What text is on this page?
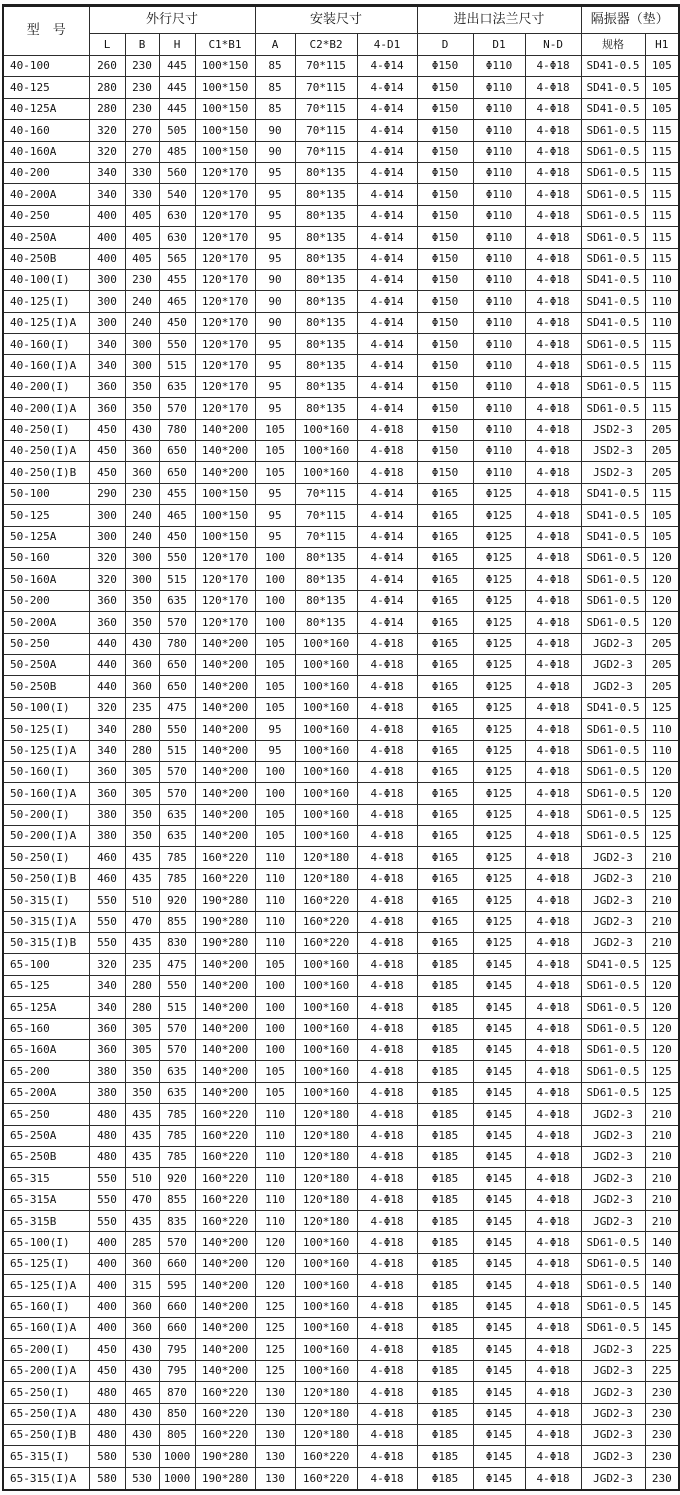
型　号	外行尺寸				安装尺寸			进出口法兰尺寸			隔振器（垫）	
	L	B	H	C1*B1	A	C2*B2	4-D1	D	D1	N-D	规格	H1
40-100	260	230	445	100*150	85	70*115	4-Φ14	Φ150	Φ110	4-Φ18	SD41-0.5	105
40-125	280	230	445	100*150	85	70*115	4-Φ14	Φ150	Φ110	4-Φ18	SD41-0.5	105
40-125A	280	230	445	100*150	85	70*115	4-Φ14	Φ150	Φ110	4-Φ18	SD41-0.5	105
40-160	320	270	505	100*150	90	70*115	4-Φ14	Φ150	Φ110	4-Φ18	SD61-0.5	115
40-160A	320	270	485	100*150	90	70*115	4-Φ14	Φ150	Φ110	4-Φ18	SD61-0.5	115
40-200	340	330	560	120*170	95	80*135	4-Φ14	Φ150	Φ110	4-Φ18	SD61-0.5	115
40-200A	340	330	540	120*170	95	80*135	4-Φ14	Φ150	Φ110	4-Φ18	SD61-0.5	115
40-250	400	405	630	120*170	95	80*135	4-Φ14	Φ150	Φ110	4-Φ18	SD61-0.5	115
40-250A	400	405	630	120*170	95	80*135	4-Φ14	Φ150	Φ110	4-Φ18	SD61-0.5	115
40-250B	400	405	565	120*170	95	80*135	4-Φ14	Φ150	Φ110	4-Φ18	SD61-0.5	115
40-100(I)	300	230	455	120*170	90	80*135	4-Φ14	Φ150	Φ110	4-Φ18	SD41-0.5	110
40-125(I)	300	240	465	120*170	90	80*135	4-Φ14	Φ150	Φ110	4-Φ18	SD41-0.5	110
40-125(I)A	300	240	450	120*170	90	80*135	4-Φ14	Φ150	Φ110	4-Φ18	SD41-0.5	110
40-160(I)	340	300	550	120*170	95	80*135	4-Φ14	Φ150	Φ110	4-Φ18	SD61-0.5	115
40-160(I)A	340	300	515	120*170	95	80*135	4-Φ14	Φ150	Φ110	4-Φ18	SD61-0.5	115
40-200(I)	360	350	635	120*170	95	80*135	4-Φ14	Φ150	Φ110	4-Φ18	SD61-0.5	115
40-200(I)A	360	350	570	120*170	95	80*135	4-Φ14	Φ150	Φ110	4-Φ18	SD61-0.5	115
40-250(I)	450	430	780	140*200	105	100*160	4-Φ18	Φ150	Φ110	4-Φ18	JSD2-3	205
40-250(I)A	450	360	650	140*200	105	100*160	4-Φ18	Φ150	Φ110	4-Φ18	JSD2-3	205
40-250(I)B	450	360	650	140*200	105	100*160	4-Φ18	Φ150	Φ110	4-Φ18	JSD2-3	205
50-100	290	230	455	100*150	95	70*115	4-Φ14	Φ165	Φ125	4-Φ18	SD41-0.5	115
50-125	300	240	465	100*150	95	70*115	4-Φ14	Φ165	Φ125	4-Φ18	SD41-0.5	105
50-125A	300	240	450	100*150	95	70*115	4-Φ14	Φ165	Φ125	4-Φ18	SD41-0.5	105
50-160	320	300	550	120*170	100	80*135	4-Φ14	Φ165	Φ125	4-Φ18	SD61-0.5	120
50-160A	320	300	515	120*170	100	80*135	4-Φ14	Φ165	Φ125	4-Φ18	SD61-0.5	120
50-200	360	350	635	120*170	100	80*135	4-Φ14	Φ165	Φ125	4-Φ18	SD61-0.5	120
50-200A	360	350	570	120*170	100	80*135	4-Φ14	Φ165	Φ125	4-Φ18	SD61-0.5	120
50-250	440	430	780	140*200	105	100*160	4-Φ18	Φ165	Φ125	4-Φ18	JGD2-3	205
50-250A	440	360	650	140*200	105	100*160	4-Φ18	Φ165	Φ125	4-Φ18	JGD2-3	205
50-250B	440	360	650	140*200	105	100*160	4-Φ18	Φ165	Φ125	4-Φ18	JGD2-3	205
50-100(I)	320	235	475	140*200	105	100*160	4-Φ18	Φ165	Φ125	4-Φ18	SD41-0.5	125
50-125(I)	340	280	550	140*200	95	100*160	4-Φ18	Φ165	Φ125	4-Φ18	SD61-0.5	110
50-125(I)A	340	280	515	140*200	95	100*160	4-Φ18	Φ165	Φ125	4-Φ18	SD61-0.5	110
50-160(I)	360	305	570	140*200	100	100*160	4-Φ18	Φ165	Φ125	4-Φ18	SD61-0.5	120
50-160(I)A	360	305	570	140*200	100	100*160	4-Φ18	Φ165	Φ125	4-Φ18	SD61-0.5	120
50-200(I)	380	350	635	140*200	105	100*160	4-Φ18	Φ165	Φ125	4-Φ18	SD61-0.5	125
50-200(I)A	380	350	635	140*200	105	100*160	4-Φ18	Φ165	Φ125	4-Φ18	SD61-0.5	125
50-250(I)	460	435	785	160*220	110	120*180	4-Φ18	Φ165	Φ125	4-Φ18	JGD2-3	210
50-250(I)B	460	435	785	160*220	110	120*180	4-Φ18	Φ165	Φ125	4-Φ18	JGD2-3	210
50-315(I)	550	510	920	190*280	110	160*220	4-Φ18	Φ165	Φ125	4-Φ18	JGD2-3	210
50-315(I)A	550	470	855	190*280	110	160*220	4-Φ18	Φ165	Φ125	4-Φ18	JGD2-3	210
50-315(I)B	550	435	830	190*280	110	160*220	4-Φ18	Φ165	Φ125	4-Φ18	JGD2-3	210
65-100	320	235	475	140*200	105	100*160	4-Φ18	Φ185	Φ145	4-Φ18	SD41-0.5	125
65-125	340	280	550	140*200	100	100*160	4-Φ18	Φ185	Φ145	4-Φ18	SD61-0.5	120
65-125A	340	280	515	140*200	100	100*160	4-Φ18	Φ185	Φ145	4-Φ18	SD61-0.5	120
65-160	360	305	570	140*200	100	100*160	4-Φ18	Φ185	Φ145	4-Φ18	SD61-0.5	120
65-160A	360	305	570	140*200	100	100*160	4-Φ18	Φ185	Φ145	4-Φ18	SD61-0.5	120
65-200	380	350	635	140*200	105	100*160	4-Φ18	Φ185	Φ145	4-Φ18	SD61-0.5	125
65-200A	380	350	635	140*200	105	100*160	4-Φ18	Φ185	Φ145	4-Φ18	SD61-0.5	125
65-250	480	435	785	160*220	110	120*180	4-Φ18	Φ185	Φ145	4-Φ18	JGD2-3	210
65-250A	480	435	785	160*220	110	120*180	4-Φ18	Φ185	Φ145	4-Φ18	JGD2-3	210
65-250B	480	435	785	160*220	110	120*180	4-Φ18	Φ185	Φ145	4-Φ18	JGD2-3	210
65-315	550	510	920	160*220	110	120*180	4-Φ18	Φ185	Φ145	4-Φ18	JGD2-3	210
65-315A	550	470	855	160*220	110	120*180	4-Φ18	Φ185	Φ145	4-Φ18	JGD2-3	210
65-315B	550	435	835	160*220	110	120*180	4-Φ18	Φ185	Φ145	4-Φ18	JGD2-3	210
65-100(I)	400	285	570	140*200	120	100*160	4-Φ18	Φ185	Φ145	4-Φ18	SD61-0.5	140
65-125(I)	400	360	660	140*200	120	100*160	4-Φ18	Φ185	Φ145	4-Φ18	SD61-0.5	140
65-125(I)A	400	315	595	140*200	120	100*160	4-Φ18	Φ185	Φ145	4-Φ18	SD61-0.5	140
65-160(I)	400	360	660	140*200	125	100*160	4-Φ18	Φ185	Φ145	4-Φ18	SD61-0.5	145
65-160(I)A	400	360	660	140*200	125	100*160	4-Φ18	Φ185	Φ145	4-Φ18	SD61-0.5	145
65-200(I)	450	430	795	140*200	125	100*160	4-Φ18	Φ185	Φ145	4-Φ18	JGD2-3	225
65-200(I)A	450	430	795	140*200	125	100*160	4-Φ18	Φ185	Φ145	4-Φ18	JGD2-3	225
65-250(I)	480	465	870	160*220	130	120*180	4-Φ18	Φ185	Φ145	4-Φ18	JGD2-3	230
65-250(I)A	480	430	850	160*220	130	120*180	4-Φ18	Φ185	Φ145	4-Φ18	JGD2-3	230
65-250(I)B	480	430	805	160*220	130	120*180	4-Φ18	Φ185	Φ145	4-Φ18	JGD2-3	230
65-315(I)	580	530	1000	190*280	130	160*220	4-Φ18	Φ185	Φ145	4-Φ18	JGD2-3	230
65-315(I)A	580	530	1000	190*280	130	160*220	4-Φ18	Φ185	Φ145	4-Φ18	JGD2-3	230
